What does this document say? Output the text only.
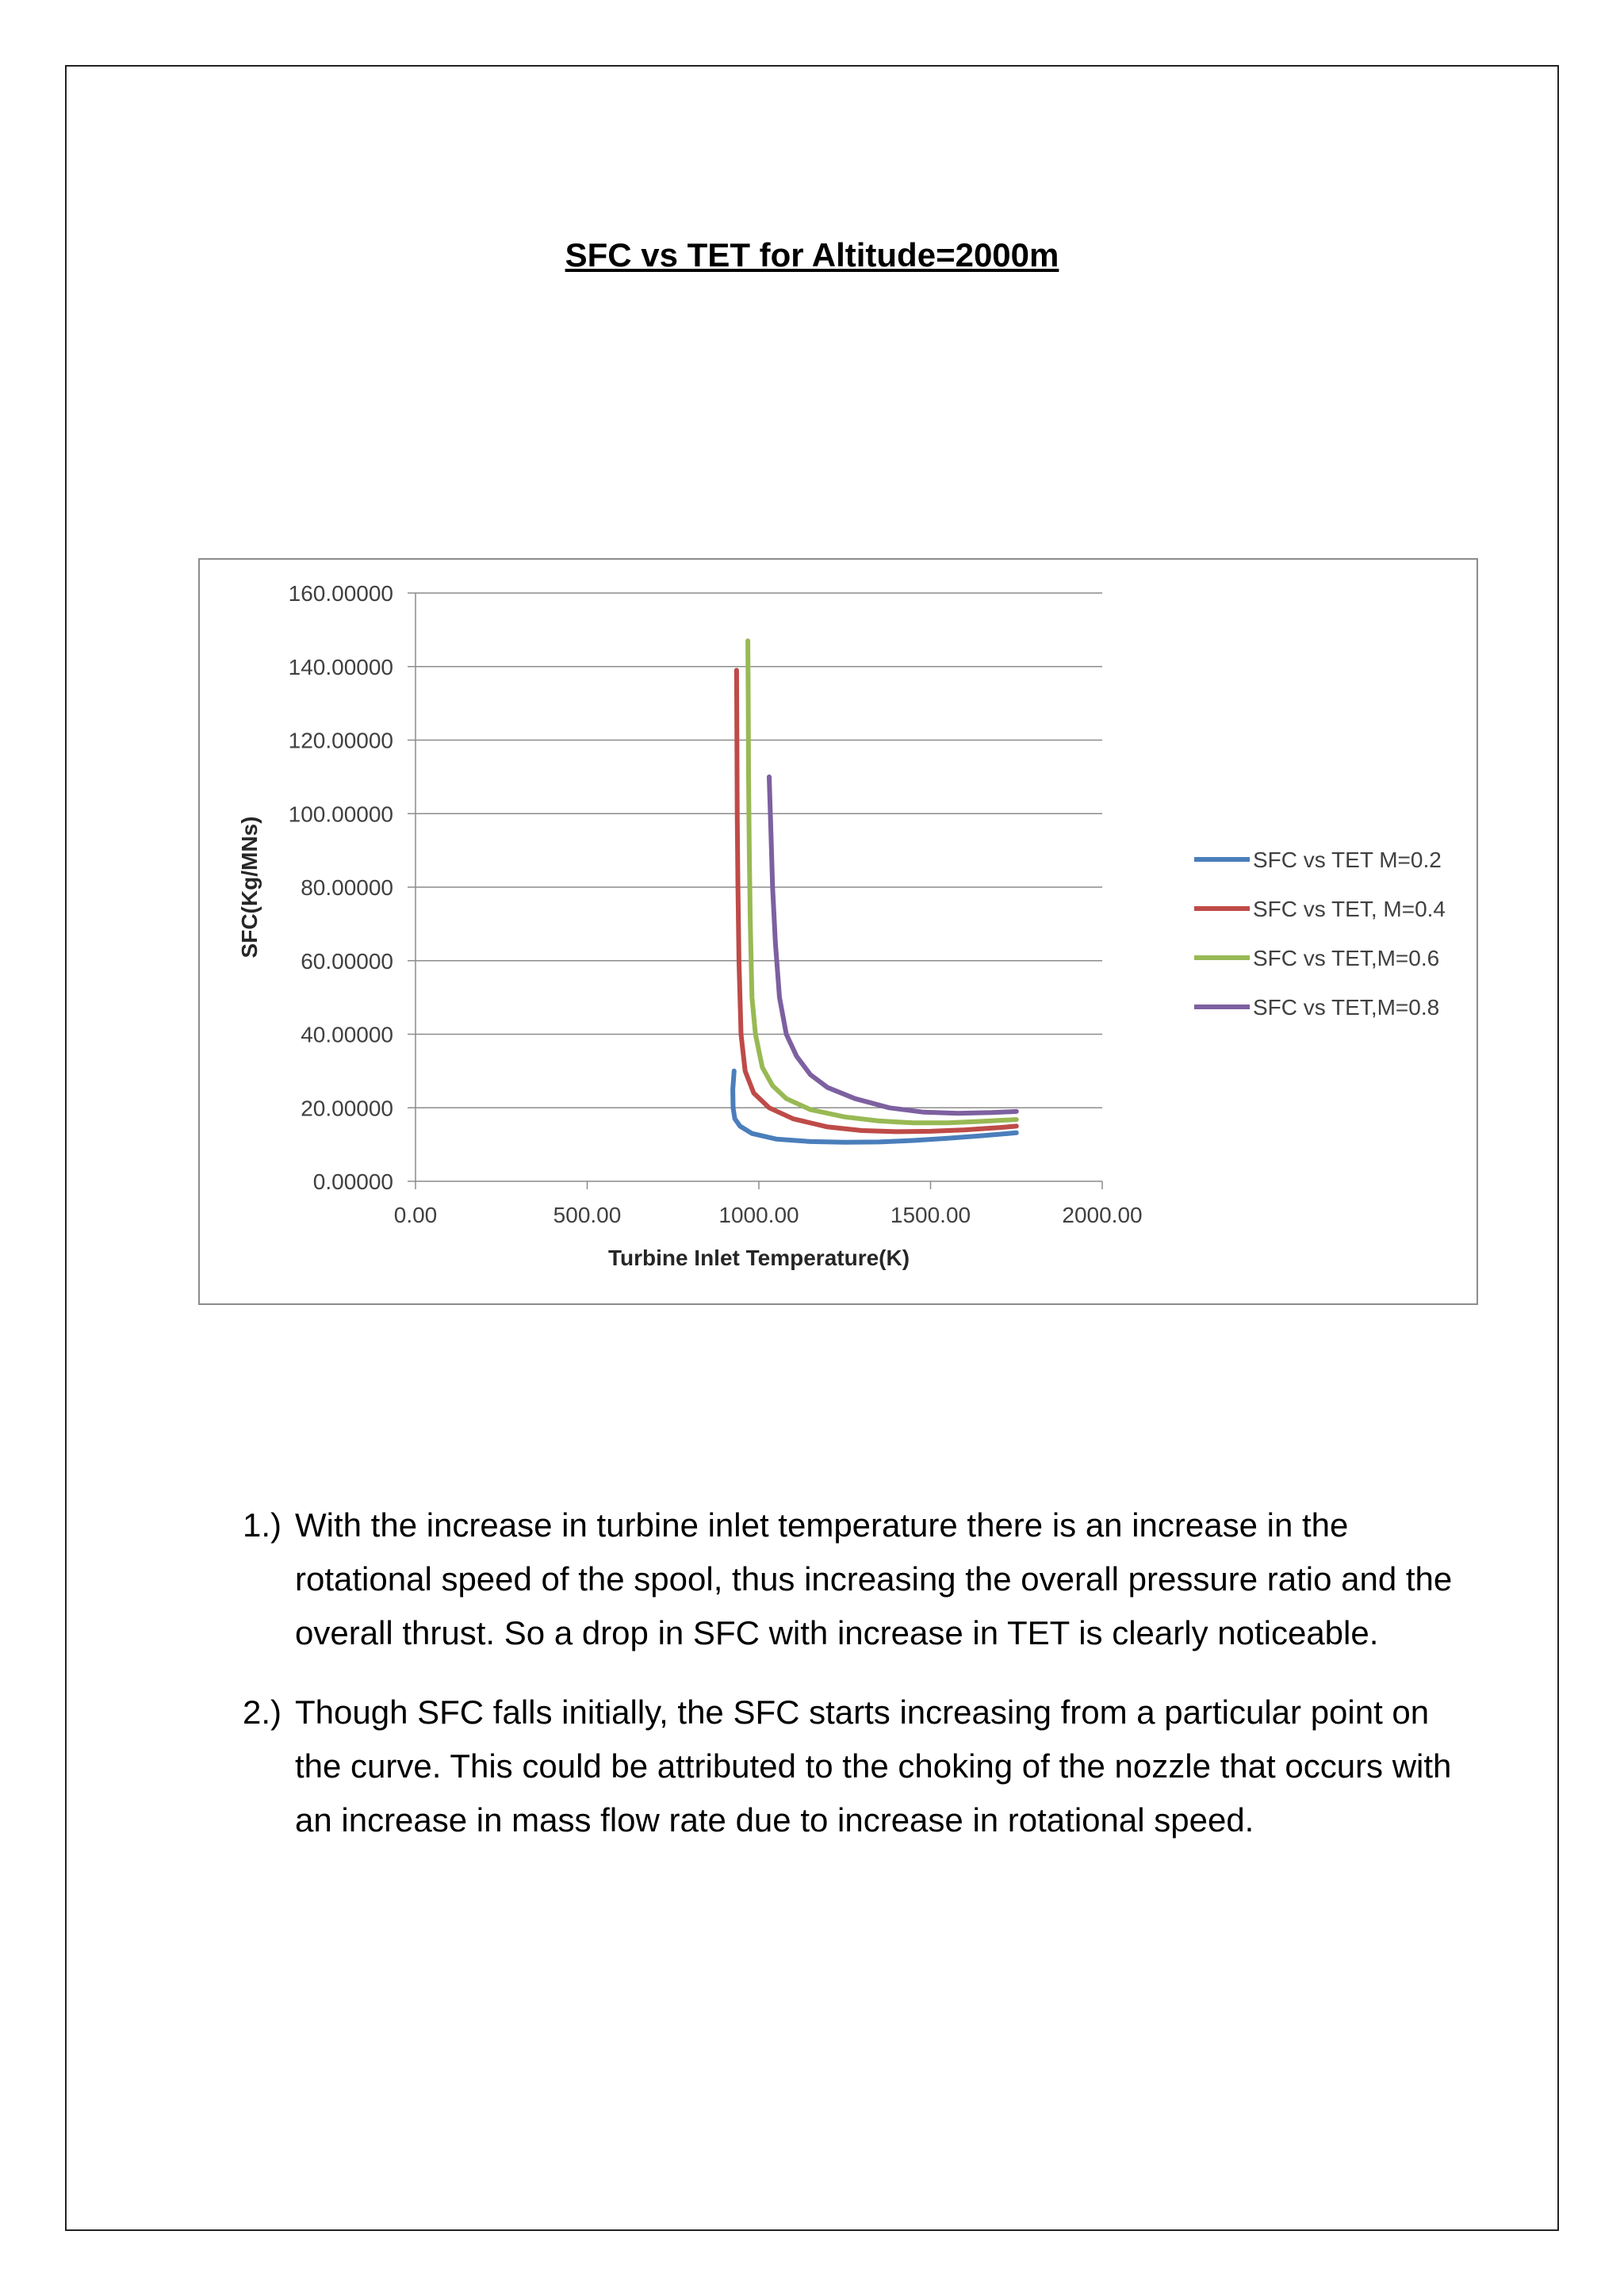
SFC vs TET for Altitude=2000m
0.00000
20.00000
40.00000
60.00000
80.00000
100.00000
120.00000
140.00000
160.00000
0.00	500.00	1000.00	1500.00	2000.00
Turbine Inlet Temperature(K)
SFC(Kg/MNs)	SFC vs TET M=0.2
SFC vs TET, M=0.4
SFC vs TET,M=0.6
SFC vs TET,M=0.8
1.) With the increase in turbine inlet temperature there is an increase in the rotational speed of the spool, thus increasing the overall pressure ratio and the overall thrust. So a drop in SFC with increase in TET is clearly noticeable.
2.) Though SFC falls initially, the SFC starts increasing from a particular point on the curve. This could be attributed to the choking of the nozzle that occurs with an increase in mass flow rate due to increase in rotational speed.
